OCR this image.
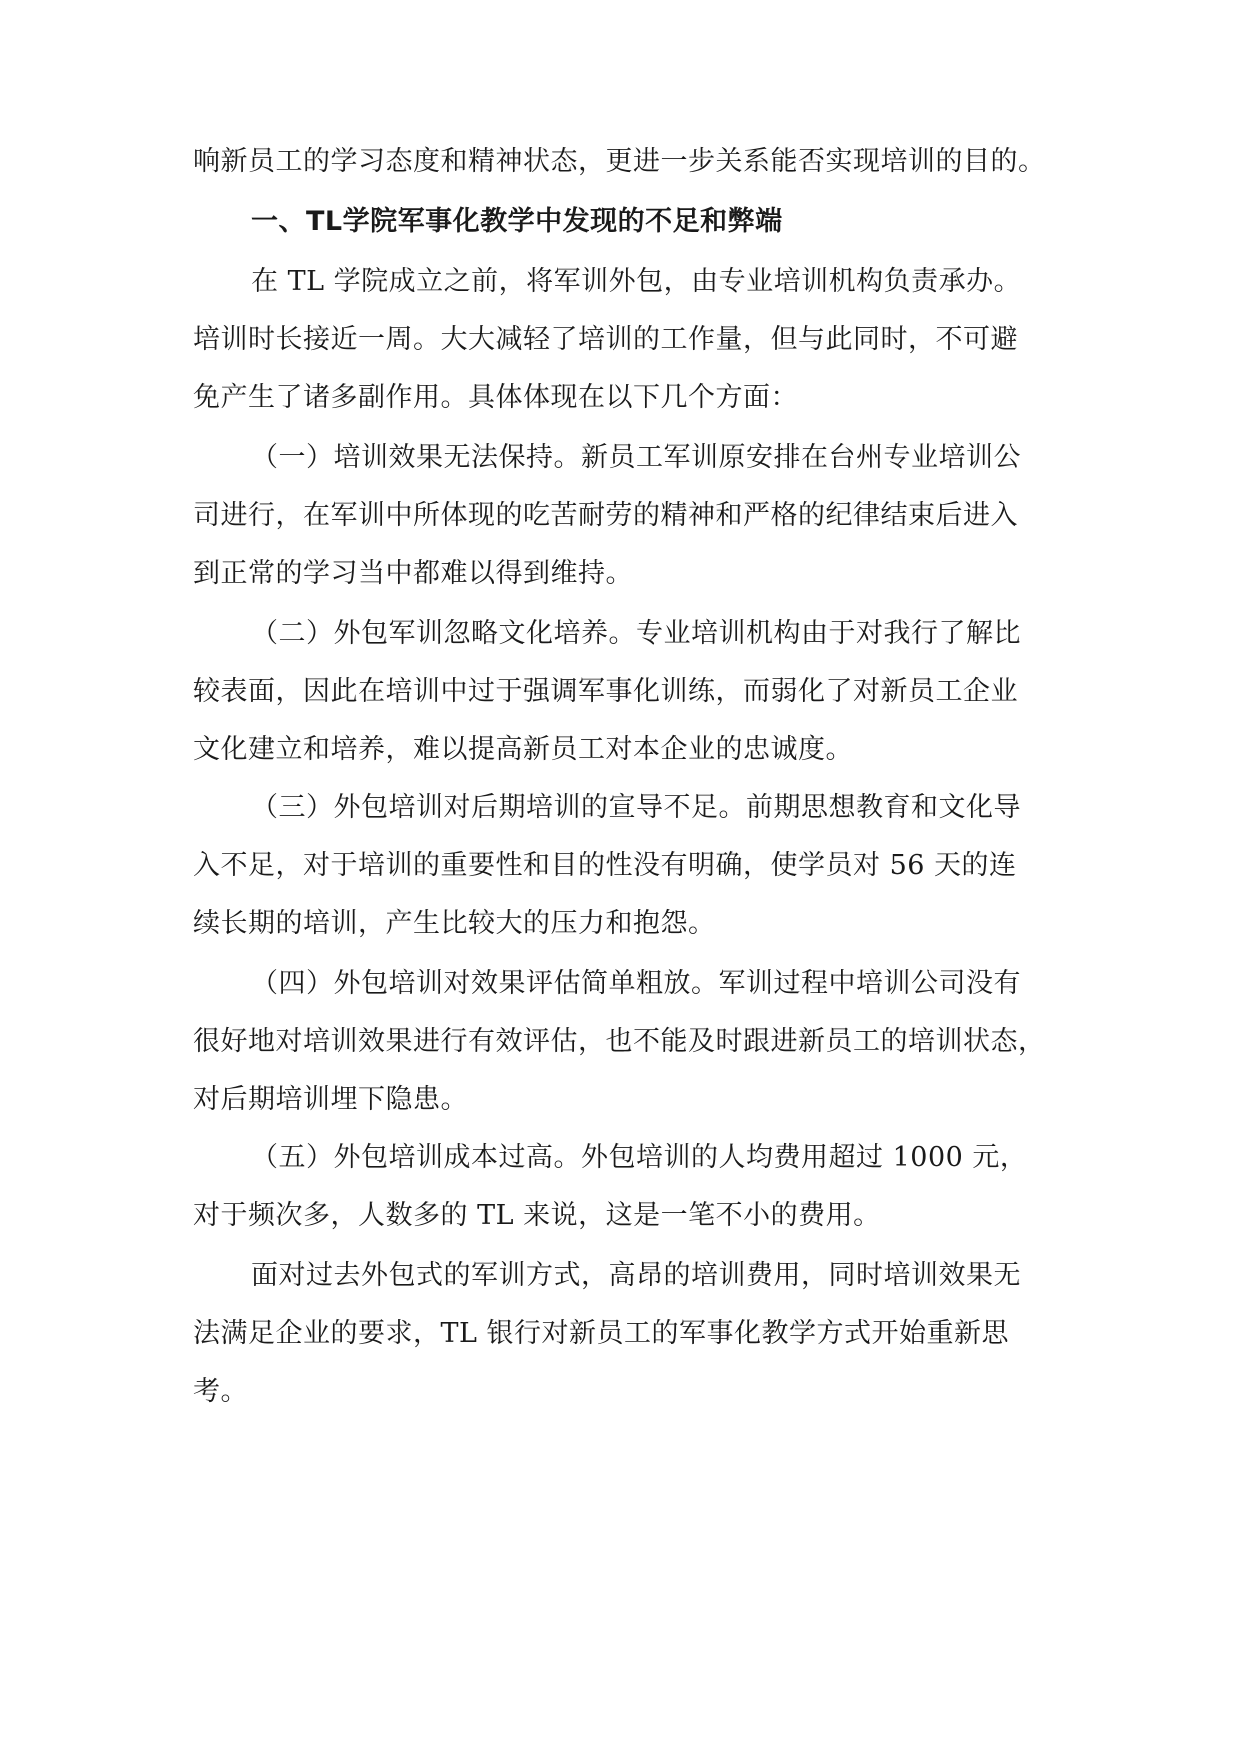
响新员工的学习态度和精神状态，更进一步关系能否实现培训的目的。
一、TL学院军事化教学中发现的不足和弊端
在 TL 学院成立之前，将军训外包，由专业培训机构负责承办。
培训时长接近一周。大大减轻了培训的工作量，但与此同时，不可避
免产生了诸多副作用。具体体现在以下几个方面：
（一）培训效果无法保持。新员工军训原安排在台州专业培训公
司进行，在军训中所体现的吃苦耐劳的精神和严格的纪律结束后进入
到正常的学习当中都难以得到维持。
（二）外包军训忽略文化培养。专业培训机构由于对我行了解比
较表面，因此在培训中过于强调军事化训练，而弱化了对新员工企业
文化建立和培养，难以提高新员工对本企业的忠诚度。
（三）外包培训对后期培训的宣导不足。前期思想教育和文化导
入不足，对于培训的重要性和目的性没有明确，使学员对 56 天的连
续长期的培训，产生比较大的压力和抱怨。
（四）外包培训对效果评估简单粗放。军训过程中培训公司没有
很好地对培训效果进行有效评估，也不能及时跟进新员工的培训状态，
对后期培训埋下隐患。
（五）外包培训成本过高。外包培训的人均费用超过 1000 元，
对于频次多，人数多的 TL 来说，这是一笔不小的费用。
面对过去外包式的军训方式，高昂的培训费用，同时培训效果无
法满足企业的要求，TL 银行对新员工的军事化教学方式开始重新思
考。
